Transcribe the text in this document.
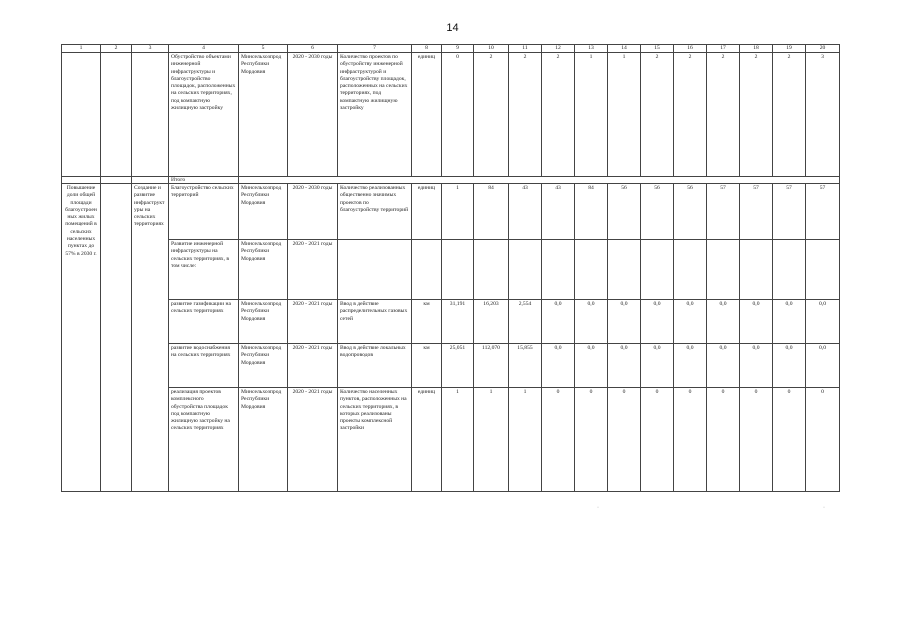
14
1	2	3	4	5	6	7	8	9	10	11	12	13	14	15	16	17	18	19	20
			Обустройство объектами инженерной инфраструктуры и благоустройство площадок, расположенных на сельских территориях, под компактную жилищную застройку	Минсельхозпрод Республики Мордовия	2020 - 2030 годы	Количество проектов по обустройству инженерной инфраструктурой и благоустройству площадок, расположенных на сельских территориях, под компактную жилищную застройку	единиц	0	2	2	2	1	1	2	2	2	2	2	3
			Итого																
Повышение доли общей площади благоустроенных жилых помещений в сельских населенных пунктах до 57% в 2030 г.		Создание и развитие инфраструктуры на сельских территориях	Благоустройство сельских территорий	Минсельхозпрод Республики Мордовия	2020 - 2030 годы	Количество реализованных общественно значимых проектов по благоустройству территорий	единиц	1	84	43	43	84	56	56	56	57	57	57	57
			Развитие инженерной инфраструктуры на сельских территориях, в том числе:	Минсельхозпрод Республики Мордовия	2020 - 2021 годы														
			развитие газификации на сельских территориях	Минсельхозпрод Республики Мордовия	2020 - 2021 годы	Ввод в действие распределительных газовых сетей	км	31,191	16,203	2,554	0,0	0,0	0,0	0,0	0,0	0,0	0,0	0,0	0,0
			развитие водоснабжения на сельских территориях	Минсельхозпрод Республики Мордовия	2020 - 2021 годы	Ввод в действие локальных водопроводов	км	25,051	112,070	15,855	0,0	0,0	0,0	0,0	0,0	0,0	0,0	0,0	0,0
			реализация проектов комплексного обустройства площадок под компактную жилищную застройку на сельских территориях	Минсельхозпрод Республики Мордовия	2020 - 2021 годы	Количество населенных пунктов, расположенных на сельских территориях, в которых реализованы проекты комплексной застройки	единиц	1	1	1	0	0	0	0	0	0	0	0	0
·	·
